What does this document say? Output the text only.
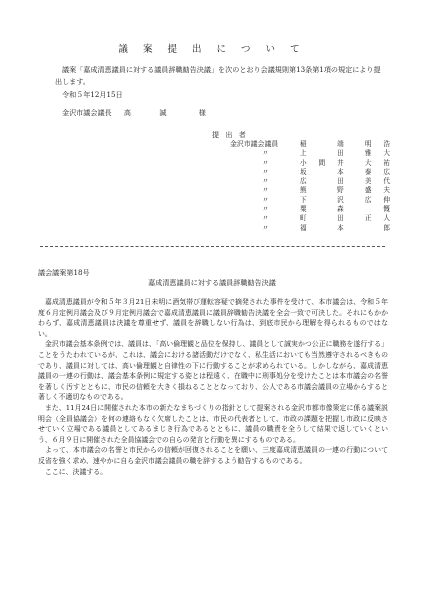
議 案 提 出 に つ い て
議案「嘉成清恵議員に対する議員辞職勧告決議」を次のとおり会議規則第13条第1項の規定により提出します。
令和５年12月15日
金沢市議会議長 高　　　　誠	様
提 出 者
金沢市議会議員	稲　　　端　　明　浩
〃	上　　　田　　雅　大
〃	小　間　井　　大　祐
〃	坂　　　本　　泰　広
〃	広　　　田　　美　代
〃	熊　　　野　　盛　夫
〃	下　　　沢　　広　伸
〃	粟　　　森　　　　慨
〃	町　　　田　　正　人
〃	福　　　本　　　　郎
議会議案第18号
嘉成清恵議員に対する議員辞職勧告決議

嘉成清恵議員が令和５年３月21日未明に酒気帯び運転容疑で摘発された事件を受けて、本市議会は、令和５年度６月定例月議会及び９月定例月議会で嘉成清恵議員に議員辞職勧告決議を全会一致で可決した。それにもかかわらず、嘉成清恵議員は決議を尊重せず、議員を辞職しない行為は、到底市民から理解を得られるものではない。

金沢市議会基本条例では、議員は、「高い倫理観と品位を保持し、議員として誠実かつ公正に職務を遂行する」ことをうたわれているが、これは、議会における諸活動だけでなく、私生活においても当然遵守されるべきものであり、議員に対しては、高い倫理観と自律性の下に行動することが求められている。しかしながら、嘉成清恵議員の一連の行動は、議会基本条例に規定する姿とは程遠く、在職中に刑事処分を受けたことは本市議会の名誉を著しく汚すとともに、市民の信頼を大きく損ねることとなっており、公人である市議会議員の立場からすると著しく不適切なものである。

また、11月24日に開催された本市の新たなまちづくりの指針として提案される金沢市都市像策定に係る議案説明会（全員協議会）を何の連絡もなく欠席したことは、市民の代表者として、市政の課題を把握し市政に反映させていく立場である議員としてあるまじき行為であるとともに、議員の職責を全うして結果で返していくという、６月９日に開催された全員協議会での自らの発言と行動を異にするものである。

よって、本市議会の名誉と市民からの信頼が回復されることを願い、三度嘉成清恵議員の一連の行動について反省を強く求め、速やかに自ら金沢市議会議員の職を辞するよう勧告するものである。

ここに、決議する。
